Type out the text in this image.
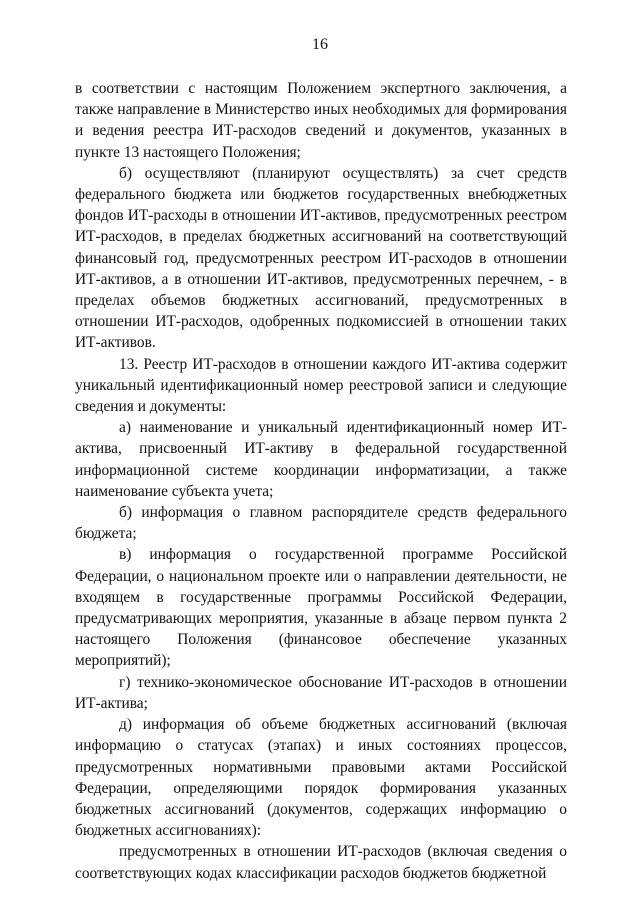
16

в соответствии с настоящим Положением экспертного заключения, а также направление в Министерство иных необходимых для формирования и ведения реестра ИТ-расходов сведений и документов, указанных в пункте 13 настоящего Положения;

б) осуществляют (планируют осуществлять) за счет средств федерального бюджета или бюджетов государственных внебюджетных фондов ИТ-расходы в отношении ИТ-активов, предусмотренных реестром ИТ-расходов, в пределах бюджетных ассигнований на соответствующий финансовый год, предусмотренных реестром ИТ-расходов в отношении ИТ-активов, а в отношении ИТ-активов, предусмотренных перечнем, - в пределах объемов бюджетных ассигнований, предусмотренных в отношении ИТ-расходов, одобренных подкомиссией в отношении таких ИТ-активов.

13. Реестр ИТ-расходов в отношении каждого ИТ-актива содержит уникальный идентификационный номер реестровой записи и следующие сведения и документы:

а) наименование и уникальный идентификационный номер ИТ-актива, присвоенный ИТ-активу в федеральной государственной информационной системе координации информатизации, а также наименование субъекта учета;

б) информация о главном распорядителе средств федерального бюджета;

в) информация о государственной программе Российской Федерации, о национальном проекте или о направлении деятельности, не входящем в государственные программы Российской Федерации, предусматривающих мероприятия, указанные в абзаце первом пункта 2 настоящего Положения (финансовое обеспечение указанных мероприятий);

г) технико-экономическое обоснование ИТ-расходов в отношении ИТ-актива;

д) информация об объеме бюджетных ассигнований (включая информацию о статусах (этапах) и иных состояниях процессов, предусмотренных нормативными правовыми актами Российской Федерации, определяющими порядок формирования указанных бюджетных ассигнований (документов, содержащих информацию о бюджетных ассигнованиях):

предусмотренных в отношении ИТ-расходов (включая сведения о соответствующих кодах классификации расходов бюджетов бюджетной
